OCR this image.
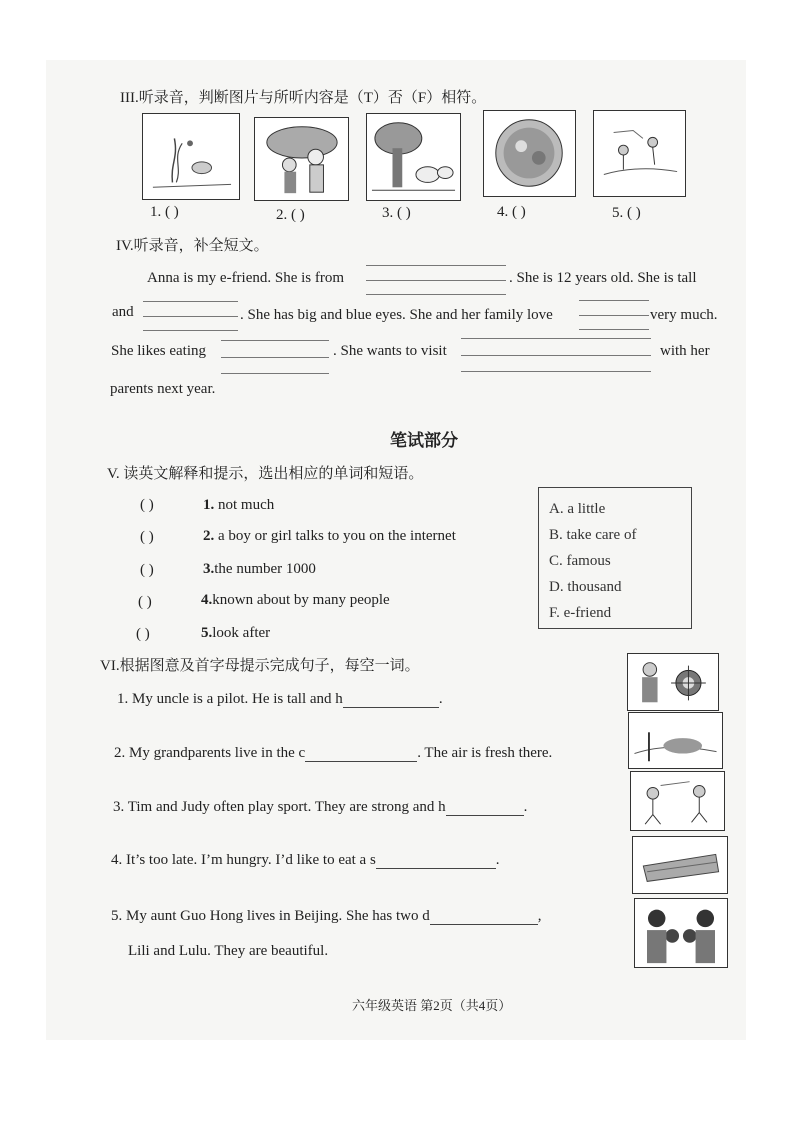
III.听录音，判断图片与所听内容是（T）否（F）相符。
1. ( )	2. ( )	3. ( )	4. ( )	5. ( )
IV.听录音，补全短文。
Anna is my e-friend. She is from	. She is 12 years old. She is tall
and	. She has big and blue eyes. She and her family love	very much.
She likes eating	. She wants to visit	with her
parents next year.
笔试部分
V. 读英文解释和提示，选出相应的单词和短语。
( )	1. not much
( )	2. a boy or girl talks to you on the internet
( )	3.the number 1000
( )	4.known about by many people
( )	5.look after
A. a little
B. take care of
C. famous
D. thousand
F. e-friend
VI.根据图意及首字母提示完成句子，每空一词。
1. My uncle is a pilot. He is tall and h	.
2. My grandparents live in the c	. The air is fresh there.
3. Tim and Judy often play sport. They are strong and h	.
4. It’s too late. I’m hungry. I’d like to eat a s	.
5. My aunt Guo Hong lives in Beijing. She has two d	,
Lili and Lulu. They are beautiful.
六年级英语 第2页（共4页）
